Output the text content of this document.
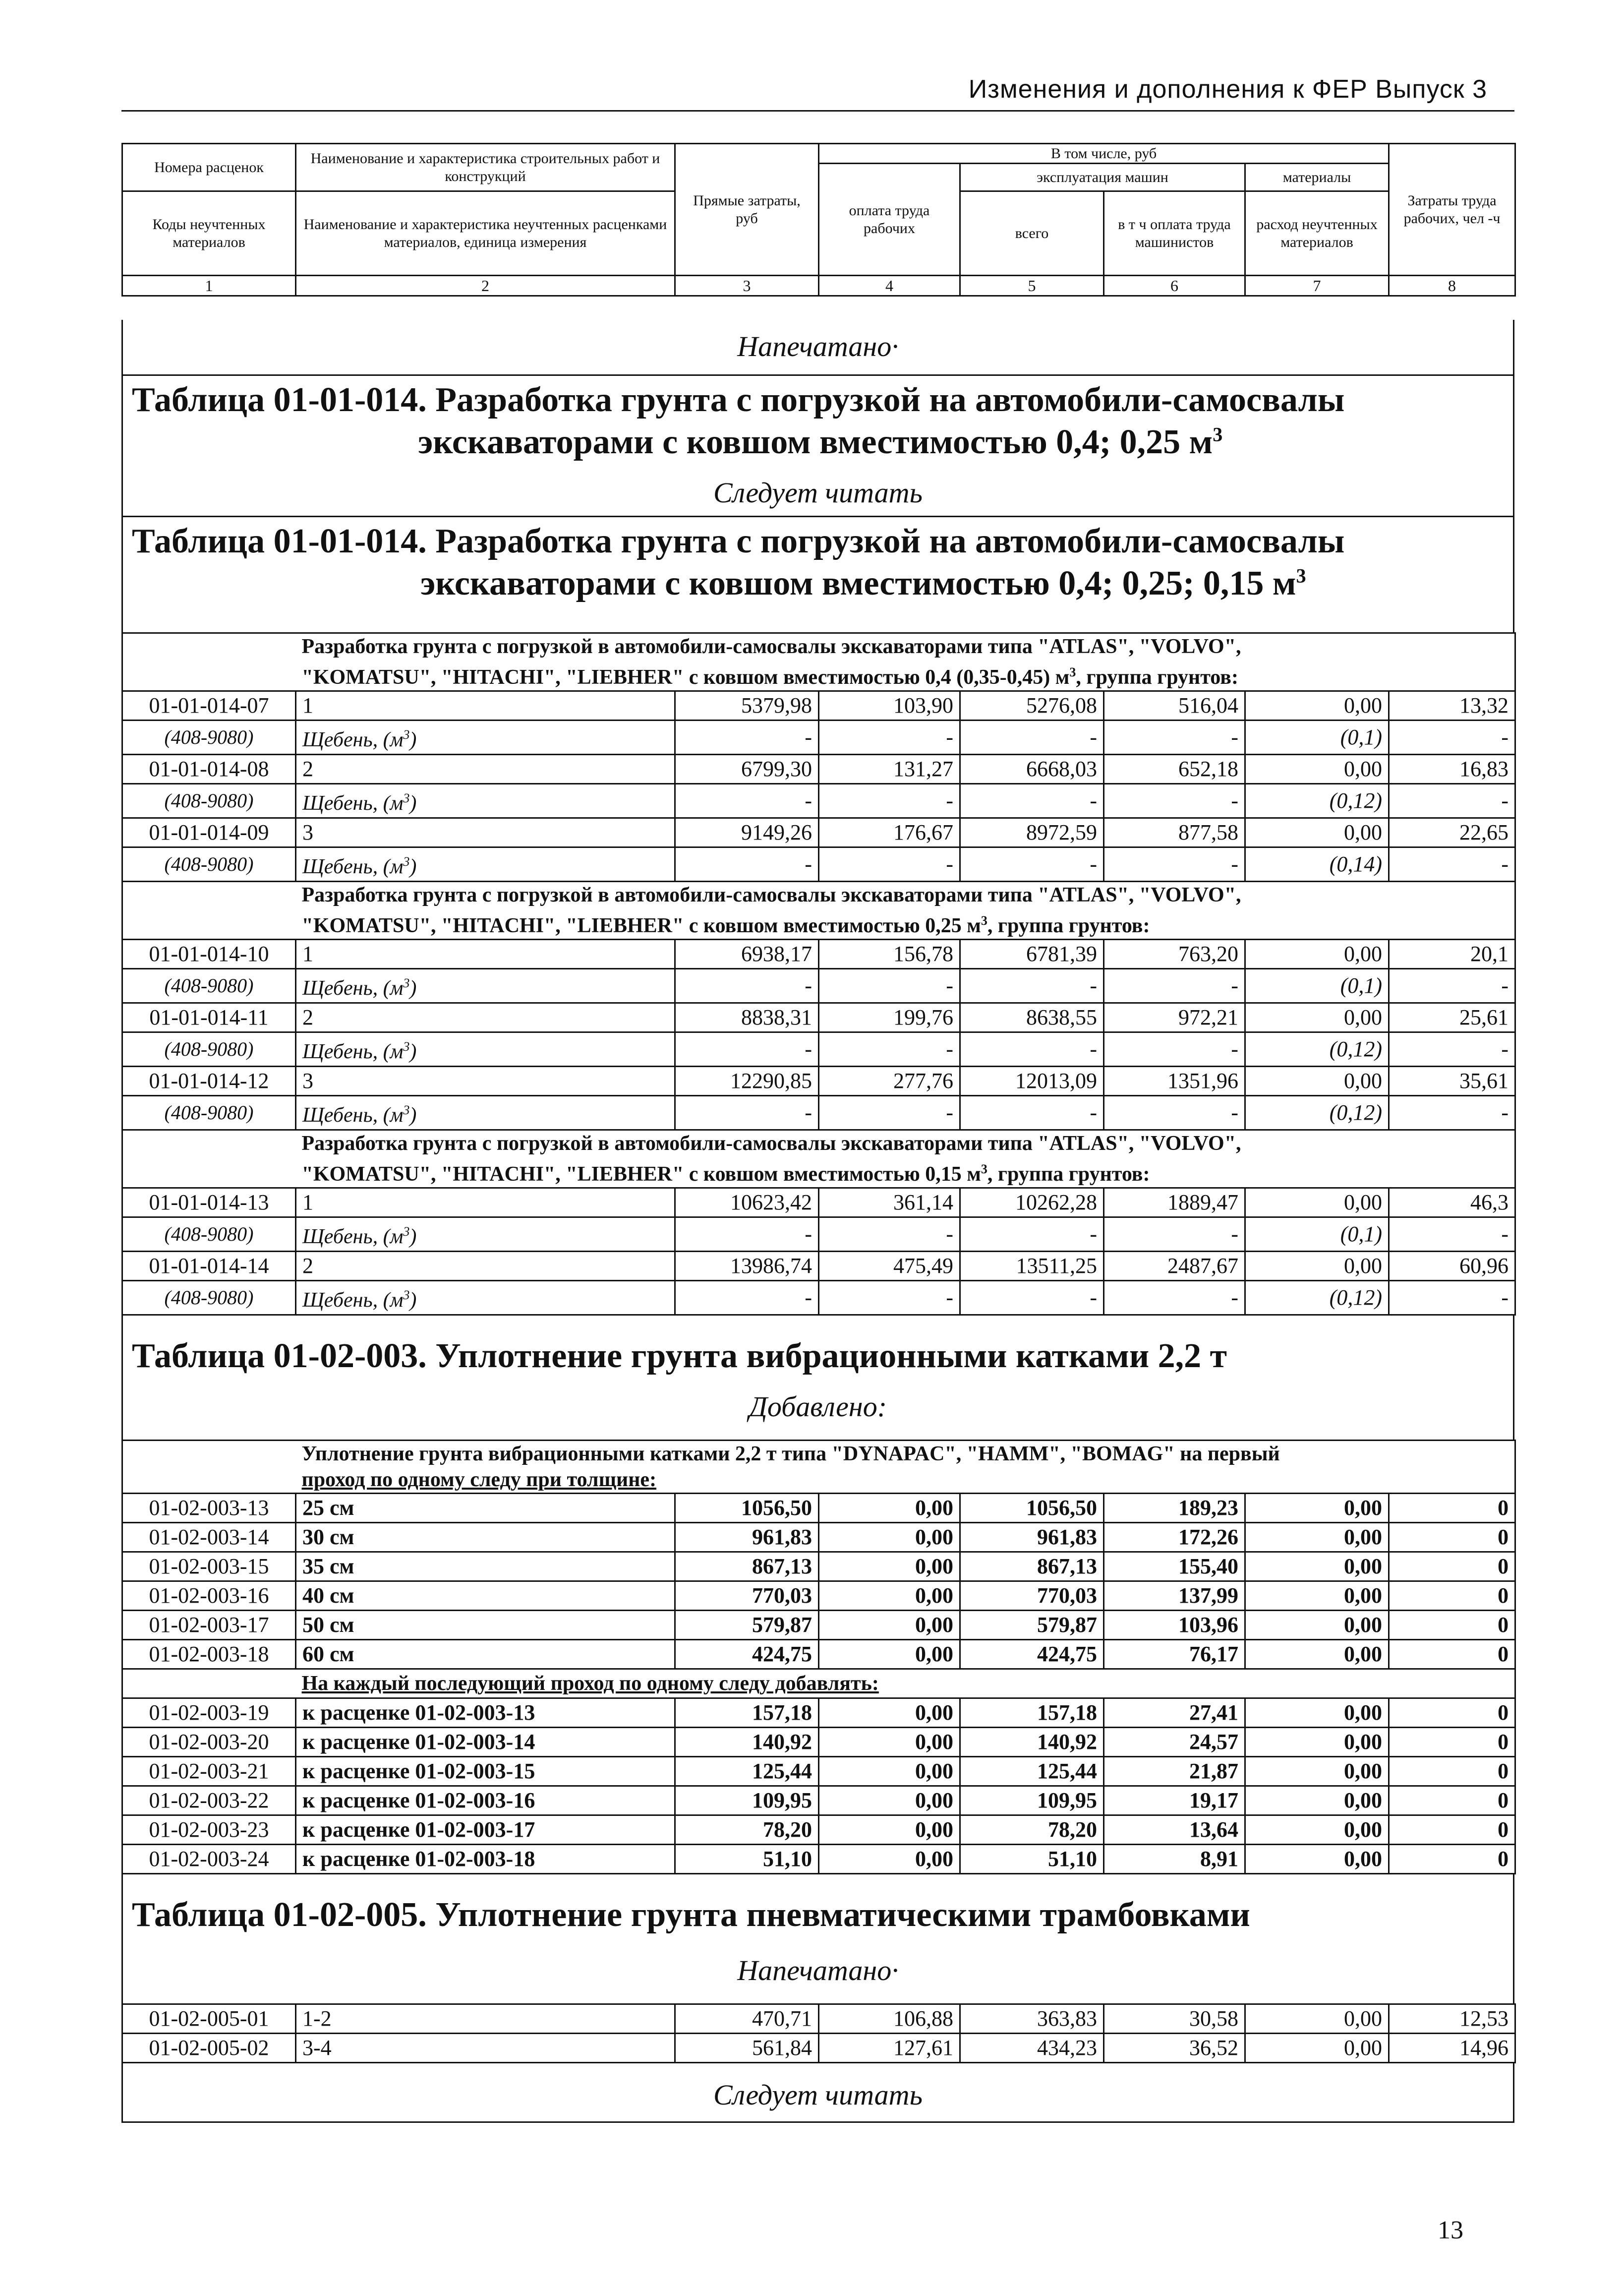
Изменения и дополнения к ФЕР Выпуск 3
Номера расценок	Наименование и характеристика строительных работ и конструкций	Прямые затраты, руб	В том числе, руб				Затраты труда рабочих, чел -ч
			оплата труда рабочих	эксплуатация машин		материалы	
Коды неучтенных материалов	Наименование и характеристика неучтенных расценками материалов, единица измерения			всего	в т ч оплата труда машинистов	расход неучтенных материалов	

1	2	3	4	5	6	7	8
Напечатано·
Таблица 01-01-014. Разработка грунта с погрузкой на автомобили-самосвалы
экскаваторами с ковшом вместимостью 0,4; 0,25 $м^3$
Следует читать
Таблица 01-01-014. Разработка грунта с погрузкой на автомобили-самосвалы
экскаваторами с ковшом вместимостью 0,4; 0,25; 0,15 $м^3$
	Разработка грунта с погрузкой в автомобили-самосвалы экскаваторами типа "ATLAS", "VOLVO",
"KOMATSU", "HITACHI", "LIEBHER" с ковшом вместимостью 0,4 (0,35-0,45) $м^3$, группа грунтов:						
01-01-014-07	1	5379,98	103,90	5276,08	516,04	0,00	13,32
(408-9080)	Щебень, $(м^3)$	-	-	-	-	(0,1)	-
01-01-014-08	2	6799,30	131,27	6668,03	652,18	0,00	16,83
(408-9080)	Щебень, $(м^3)$	-	-	-	-	(0,12)	-
01-01-014-09	3	9149,26	176,67	8972,59	877,58	0,00	22,65
(408-9080)	Щебень, $(м^3)$	-	-	-	-	(0,14)	-
	Разработка грунта с погрузкой в автомобили-самосвалы экскаваторами типа "ATLAS", "VOLVO",
"KOMATSU", "HITACHI", "LIEBHER" с ковшом вместимостью 0,25 $м^3$, группа грунтов:						
01-01-014-10	1	6938,17	156,78	6781,39	763,20	0,00	20,1
(408-9080)	Щебень, $(м^3)$	-	-	-	-	(0,1)	-
01-01-014-11	2	8838,31	199,76	8638,55	972,21	0,00	25,61
(408-9080)	Щебень, $(м^3)$	-	-	-	-	(0,12)	-
01-01-014-12	3	12290,85	277,76	12013,09	1351,96	0,00	35,61
(408-9080)	Щебень, $(м^3)$	-	-	-	-	(0,12)	-
	Разработка грунта с погрузкой в автомобили-самосвалы экскаваторами типа "ATLAS", "VOLVO",
"KOMATSU", "HITACHI", "LIEBHER" с ковшом вместимостью 0,15 $м^3$, группа грунтов:						
01-01-014-13	1	10623,42	361,14	10262,28	1889,47	0,00	46,3
(408-9080)	Щебень, $(м^3)$	-	-	-	-	(0,1)	-
01-01-014-14	2	13986,74	475,49	13511,25	2487,67	0,00	60,96
(408-9080)	Щебень, $(м^3)$	-	-	-	-	(0,12)	-
Таблица 01-02-003. Уплотнение грунта вибрационными катками 2,2 т
Добавлено:
	Уплотнение грунта вибрационными катками 2,2 т типа "DYNAPAC", "HAMM", "BOMAG" на первый
проход по одному следу при толщине:						
01-02-003-13	25 см	1056,50	0,00	1056,50	189,23	0,00	0
01-02-003-14	30 см	961,83	0,00	961,83	172,26	0,00	0
01-02-003-15	35 см	867,13	0,00	867,13	155,40	0,00	0
01-02-003-16	40 см	770,03	0,00	770,03	137,99	0,00	0
01-02-003-17	50 см	579,87	0,00	579,87	103,96	0,00	0
01-02-003-18	60 см	424,75	0,00	424,75	76,17	0,00	0
	На каждый последующий проход по одному следу добавлять:						
01-02-003-19	к расценке 01-02-003-13	157,18	0,00	157,18	27,41	0,00	0
01-02-003-20	к расценке 01-02-003-14	140,92	0,00	140,92	24,57	0,00	0
01-02-003-21	к расценке 01-02-003-15	125,44	0,00	125,44	21,87	0,00	0
01-02-003-22	к расценке 01-02-003-16	109,95	0,00	109,95	19,17	0,00	0
01-02-003-23	к расценке 01-02-003-17	78,20	0,00	78,20	13,64	0,00	0
01-02-003-24	к расценке 01-02-003-18	51,10	0,00	51,10	8,91	0,00	0
Таблица 01-02-005. Уплотнение грунта пневматическими трамбовками
Напечатано·
01-02-005-01	1-2	470,71	106,88	363,83	30,58	0,00	12,53
01-02-005-02	3-4	561,84	127,61	434,23	36,52	0,00	14,96
Следует читать
13
